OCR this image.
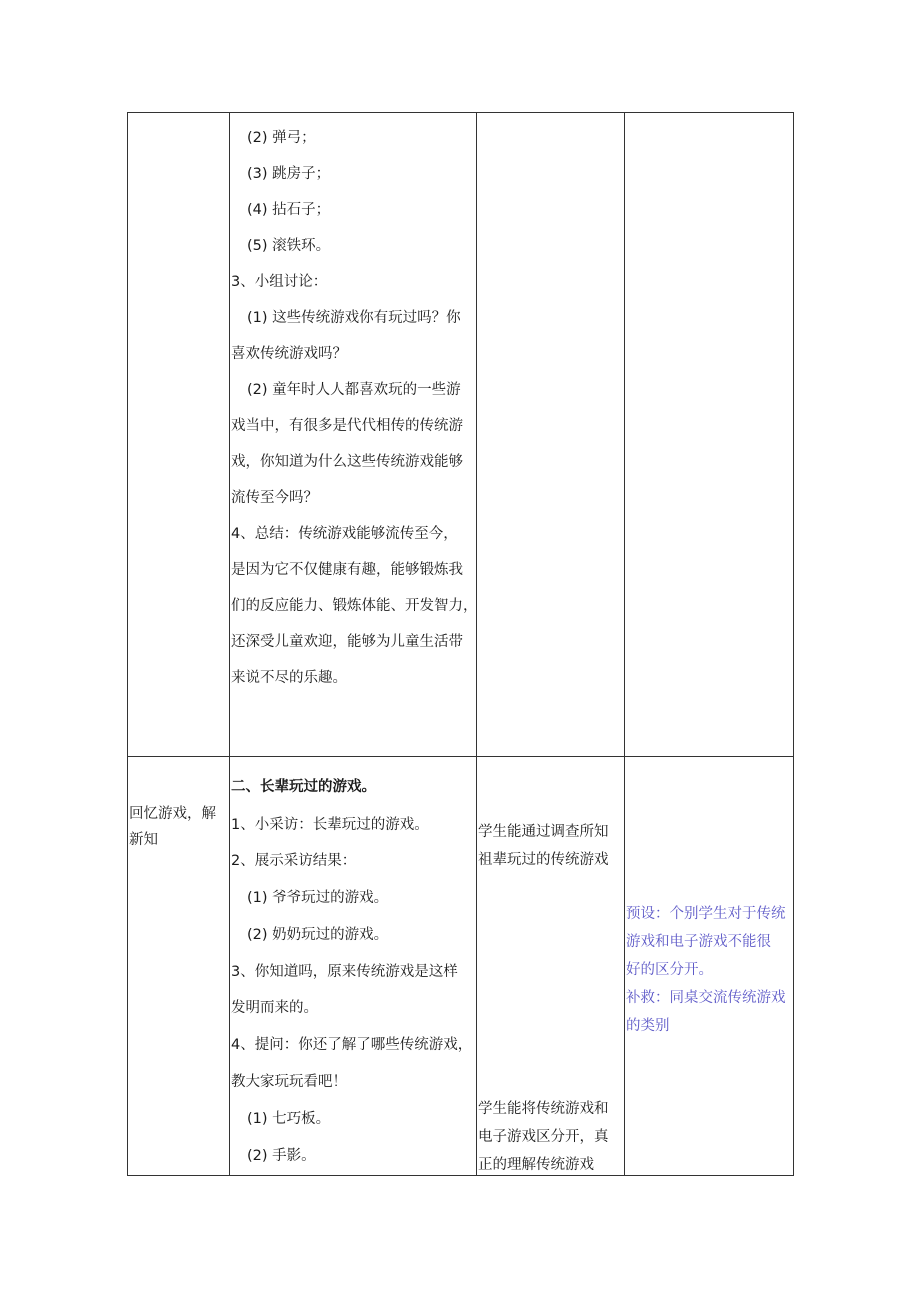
(2) 弹弓；
(3) 跳房子；
(4) 拈石子；
(5) 滚铁环。
3、小组讨论：
(1) 这些传统游戏你有玩过吗？你
喜欢传统游戏吗？
(2) 童年时人人都喜欢玩的一些游
戏当中，有很多是代代相传的传统游
戏，你知道为什么这些传统游戏能够
流传至今吗？
4、总结：传统游戏能够流传至今，
是因为它不仅健康有趣，能够锻炼我
们的反应能力、锻炼体能、开发智力，
还深受儿童欢迎，能够为儿童生活带
来说不尽的乐趣。
回忆游戏，解
新知
二、长辈玩过的游戏。
1、小采访：长辈玩过的游戏。
2、展示采访结果：
(1) 爷爷玩过的游戏。
(2) 奶奶玩过的游戏。
3、你知道吗，原来传统游戏是这样
发明而来的。
4、提问：你还了解了哪些传统游戏，
教大家玩玩看吧！
(1) 七巧板。
(2) 手影。
学生能通过调查所知
祖辈玩过的传统游戏
学生能将传统游戏和
电子游戏区分开，真
正的理解传统游戏
预设：个别学生对于传统
游戏和电子游戏不能很
好的区分开。
补救：同桌交流传统游戏
的类别
